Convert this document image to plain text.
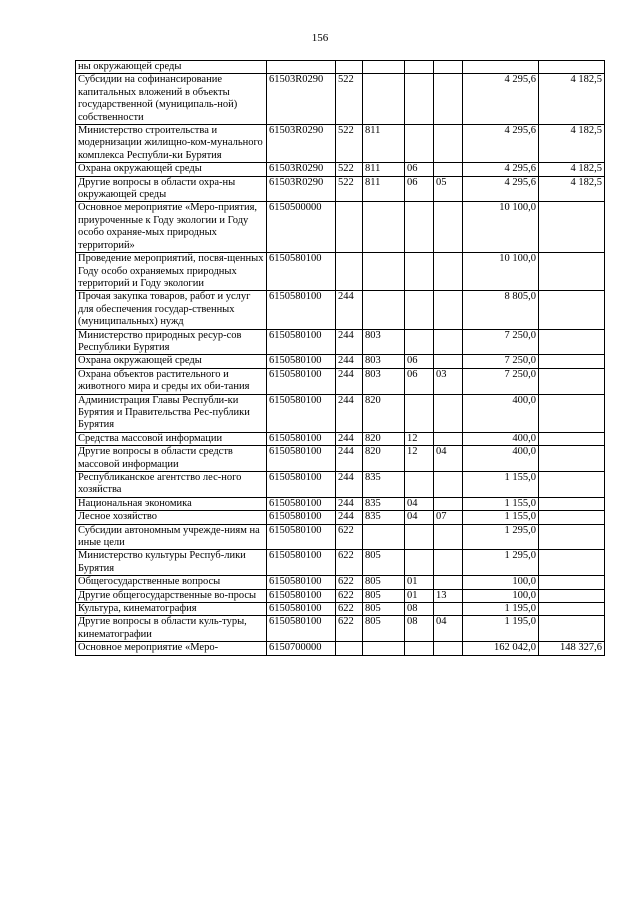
156
ны окружающей среды							
Субсидии на софинансирование капитальных вложений в объекты государственной (муниципаль-ной) собственности	61503R0290	522				4 295,6	4 182,5
Министерство строительства и модернизации жилищно-ком-мунального комплекса Республи-ки Бурятия	61503R0290	522	811			4 295,6	4 182,5
Охрана окружающей среды	61503R0290	522	811	06		4 295,6	4 182,5
Другие вопросы в области охра-ны окружающей среды	61503R0290	522	811	06	05	4 295,6	4 182,5
Основное мероприятие «Меро-приятия, приуроченные к Году экологии и Году особо охраняе-мых природных территорий»	6150500000					10 100,0	
Проведение мероприятий, посвя-щенных Году особо охраняемых природных территорий и Году экологии	6150580100					10 100,0	
Прочая закупка товаров, работ и услуг для обеспечения государ-ственных (муниципальных) нужд	6150580100	244				8 805,0	
Министерство природных ресур-сов Республики Бурятия	6150580100	244	803			7 250,0	
Охрана окружающей среды	6150580100	244	803	06		7 250,0	
Охрана объектов растительного и животного мира и среды их оби-тания	6150580100	244	803	06	03	7 250,0	
Администрация Главы Республи-ки Бурятия и Правительства Рес-публики Бурятия	6150580100	244	820			400,0	
Средства массовой информации	6150580100	244	820	12		400,0	
Другие вопросы в области средств массовой информации	6150580100	244	820	12	04	400,0	
Республиканское агентство лес-ного хозяйства	6150580100	244	835			1 155,0	
Национальная экономика	6150580100	244	835	04		1 155,0	
Лесное хозяйство	6150580100	244	835	04	07	1 155,0	
Субсидии автономным учрежде-ниям на иные цели	6150580100	622				1 295,0	
Министерство культуры Респуб-лики Бурятия	6150580100	622	805			1 295,0	
Общегосударственные вопросы	6150580100	622	805	01		100,0	
Другие общегосударственные во-просы	6150580100	622	805	01	13	100,0	
Культура, кинематография	6150580100	622	805	08		1 195,0	
Другие вопросы в области куль-туры, кинематографии	6150580100	622	805	08	04	1 195,0	
Основное мероприятие «Меро-	6150700000					162 042,0	148 327,6
